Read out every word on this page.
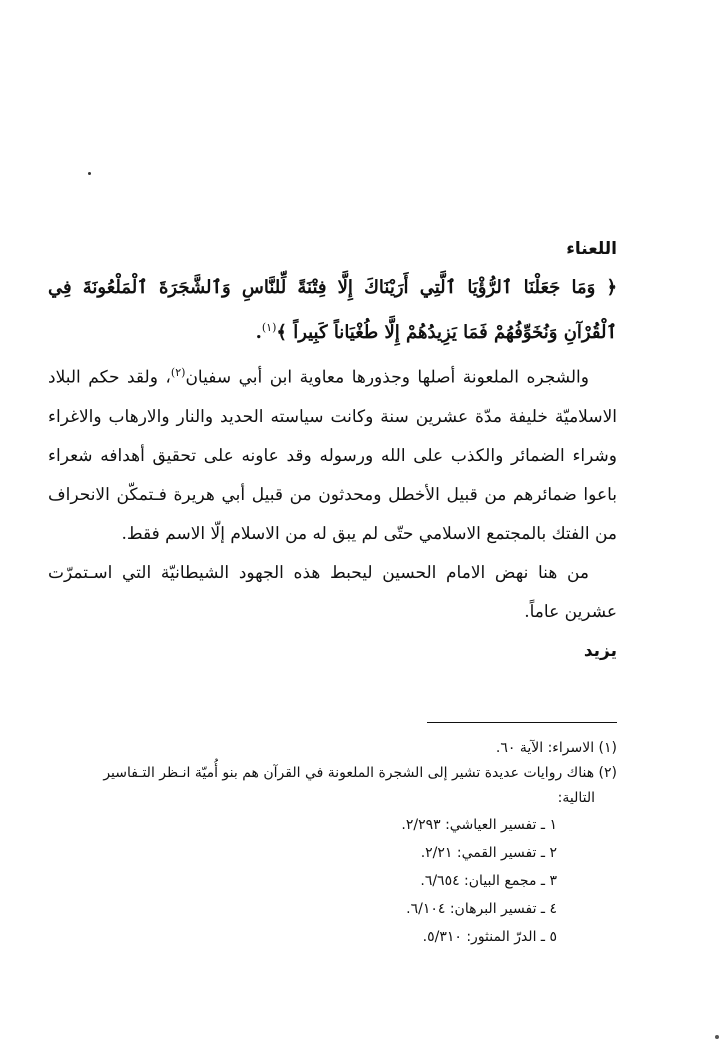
اللعناء

﴿ وَمَا جَعَلْنَا ٱلرُّؤْيَا ٱلَّتِي أَرَيْنَاكَ إِلَّا فِتْنَةً لِّلنَّاسِ وَٱلشَّجَرَةَ ٱلْمَلْعُونَةَ فِي ٱلْقُرْآنِ وَنُخَوِّفُهُمْ فَمَا يَزِيدُهُمْ إِلَّا طُغْيَاناً كَبِيراً ﴾$^{(١)}$.

والشجره الملعونة أصلها وجذورها معاوية ابن أبي سفيان$^{(٢)}$، ولقد حكم البلاد الاسلاميّة خليفة مدّة عشرين سنة وكانت سياسته الحديد والنار والارهاب والاغراء وشراء الضمائر والكذب على الله ورسوله وقد عاونه على تحقيق أهدافه شعراء باعوا ضمائرهم من قبيل الأخطل ومحدثون من قبيل أبي هريرة فـتمكّن الانحراف من الفتك بالمجتمع الاسلامي حتّى لم يبق له من الاسلام إلّا الاسم فقط.

من هنا نهض الامام الحسين ليحبط هذه الجهود الشيطانيّة التي اسـتمرّت عشرين عاماً.

يزيد

(١) الاسراء: الآية ٦٠.

(٢) هناك روايات عديدة تشير إلى الشجرة الملعونة في القرآن هم بنو أُميّة انـظر التـفاسير

التالية:

١ ـ تفسير العياشي: ٢/٢٩٣.
٢ ـ تفسير القمي: ٢/٢١.
٣ ـ مجمع البيان: ٦/٦٥٤.
٤ ـ تفسير البرهان: ٦/١٠٤.
٥ ـ الدرّ المنثور: ٥/٣١٠.
